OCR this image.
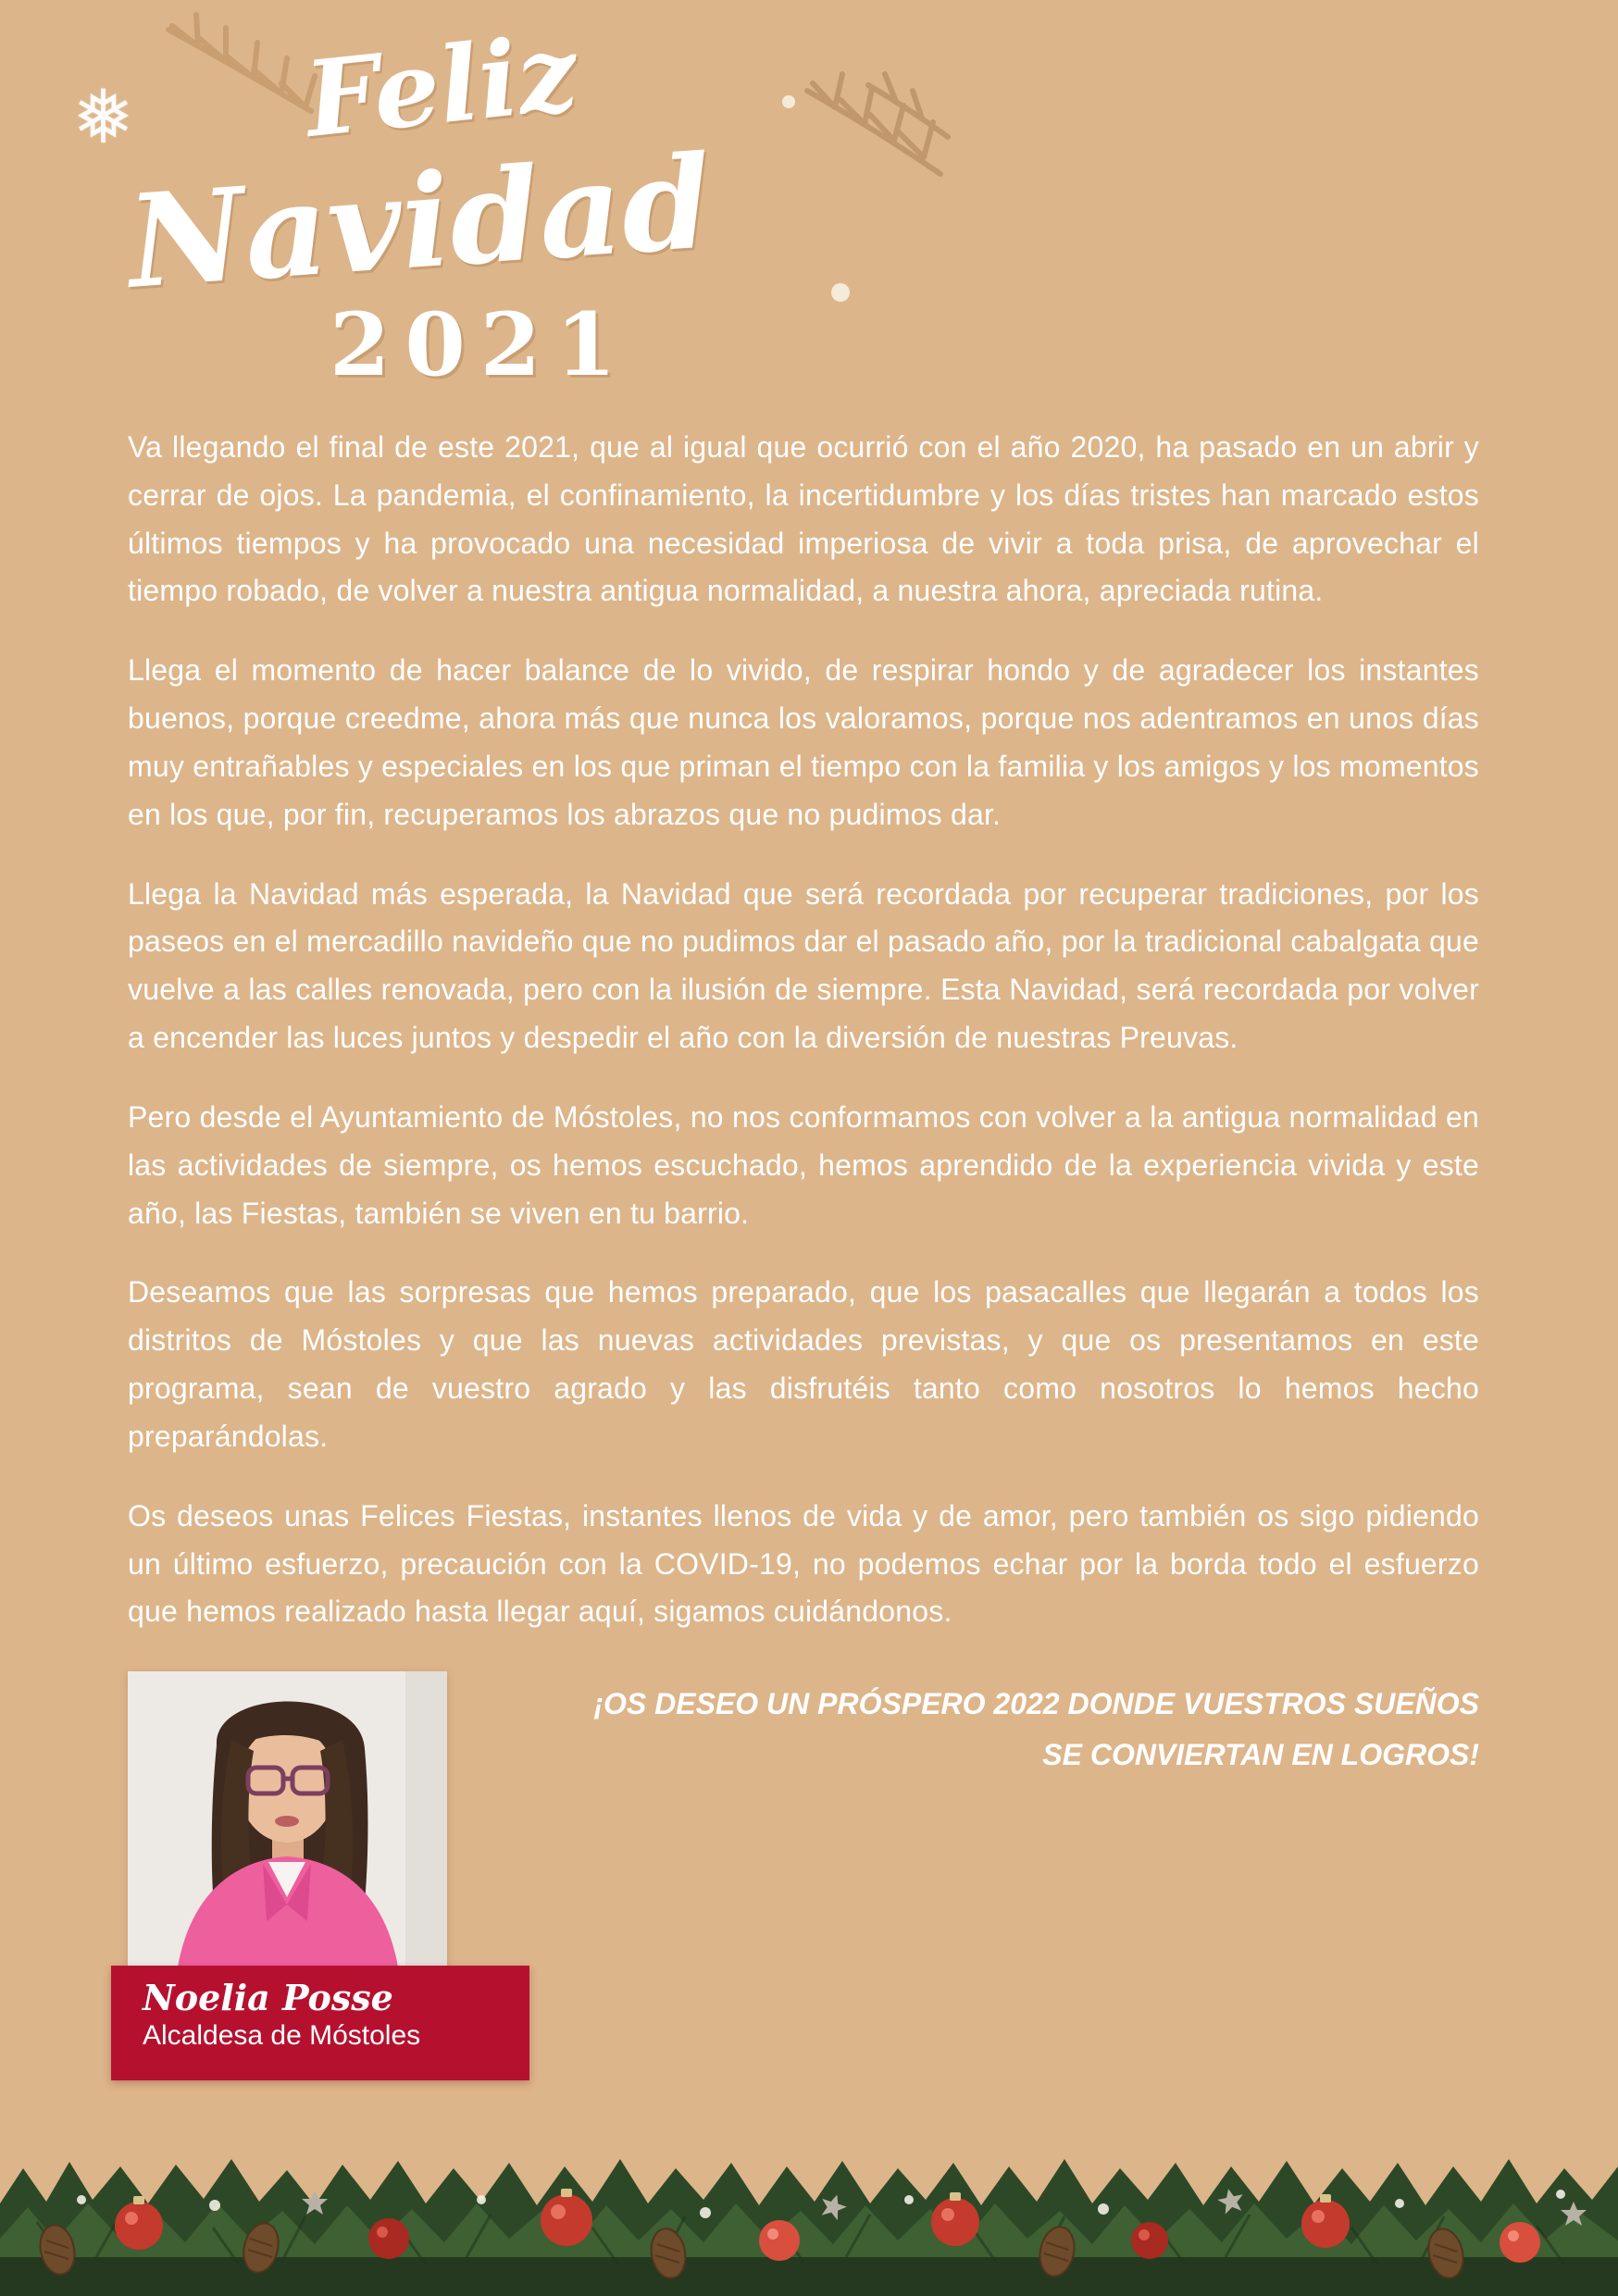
❅ Feliz
Navidad
2021

Va llegando el final de este 2021, que al igual que ocurrió con el año 2020, ha pasado en un abrir y cerrar de ojos. La pandemia, el confinamiento, la incertidumbre y los días tristes han marcado estos últimos tiempos y ha provocado una necesidad imperiosa de vivir a toda prisa, de aprovechar el tiempo robado, de volver a nuestra antigua normalidad, a nuestra ahora, apreciada rutina.

Llega el momento de hacer balance de lo vivido, de respirar hondo y de agradecer los instantes buenos, porque creedme, ahora más que nunca los valoramos, porque nos adentramos en unos días muy entrañables y especiales en los que priman el tiempo con la familia y los amigos y los momentos en los que, por fin, recuperamos los abrazos que no pudimos dar.

Llega la Navidad más esperada, la Navidad que será recordada por recuperar tradiciones, por los paseos en el mercadillo navideño que no pudimos dar el pasado año, por la tradicional cabalgata que vuelve a las calles renovada, pero con la ilusión de siempre. Esta Navidad, será recordada por volver a encender las luces juntos y despedir el año con la diversión de nuestras Preuvas.

Pero desde el Ayuntamiento de Móstoles, no nos conformamos con volver a la antigua normalidad en las actividades de siempre, os hemos escuchado, hemos aprendido de la experiencia vivida y este año, las Fiestas, también se viven en tu barrio.

Deseamos que las sorpresas que hemos preparado, que los pasacalles que llegarán a todos los distritos de Móstoles y que las nuevas actividades previstas, y que os presentamos en este programa, sean de vuestro agrado y las disfrutéis tanto como nosotros lo hemos hecho preparándolas.

Os deseos unas Felices Fiestas, instantes llenos de vida y de amor, pero también os sigo pidiendo un último esfuerzo, precaución con la COVID-19, no podemos echar por la borda todo el esfuerzo que hemos realizado hasta llegar aquí, sigamos cuidándonos.

¡OS DESEO UN PRÓSPERO 2022 DONDE VUESTROS SUEÑOS
SE CONVIERTAN EN LOGROS!
Noelia Posse
Alcaldesa de Móstoles
